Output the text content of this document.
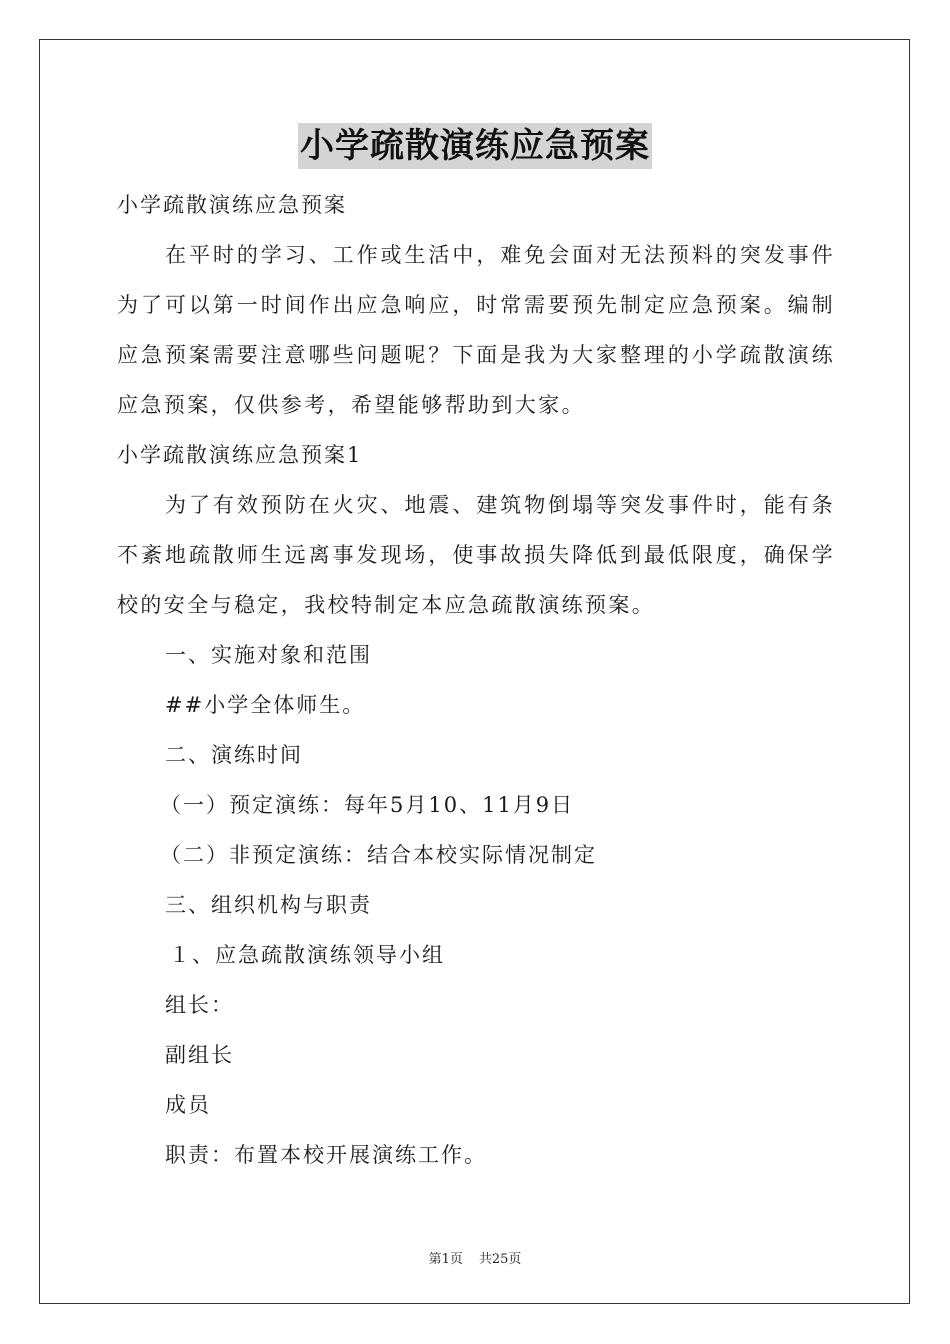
小学疏散演练应急预案
小学疏散演练应急预案
在平时的学习、工作或生活中，难免会面对无法预料的突发事件为了可以第一时间作出应急响应，时常需要预先制定应急预案。编制应急预案需要注意哪些问题呢？下面是我为大家整理的小学疏散演练应急预案，仅供参考，希望能够帮助到大家。
小学疏散演练应急预案1
为了有效预防在火灾、地震、建筑物倒塌等突发事件时，能有条不紊地疏散师生远离事发现场，使事故损失降低到最低限度，确保学校的安全与稳定，我校特制定本应急疏散演练预案。
一、实施对象和范围
##小学全体师生。
二、演练时间
（一）预定演练：每年5月10、11月9日
（二）非预定演练：结合本校实际情况制定
三、组织机构与职责
１、应急疏散演练领导小组
组长：
副组长
成员
职责：布置本校开展演练工作。
第1页 共25页
